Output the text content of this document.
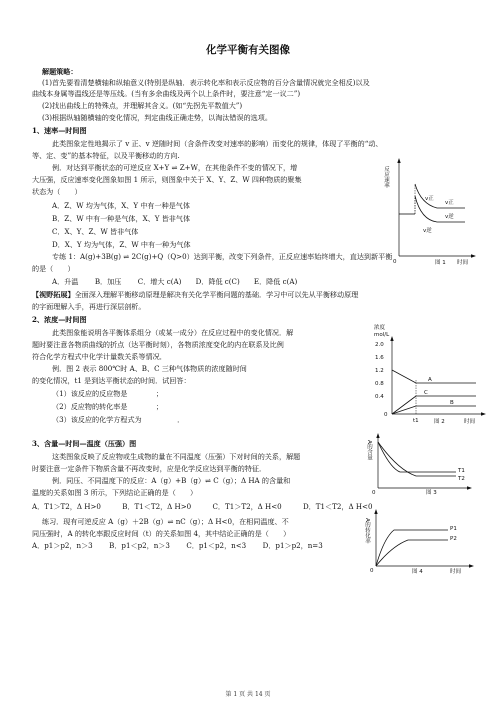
化学平衡有关图像
解题策略：
(1)首先要看清楚横轴和纵轴意义(特别是纵轴．表示转化率和表示反应物的百分含量情况就完全相反)以及
曲线本身属等温线还是等压线。(当有多余曲线及两个以上条件时，要注意“定一议二”)
(2)找出曲线上的特殊点，并理解其含义。(如“先拐先平数值大”)
(3)根据纵轴随横轴的变化情况，判定曲线正确走势，以淘汰错误的选项。
1、速率—时间图
此类图象定性地揭示了 v 正、v 逆随时间（含条件改变对速率的影响）而变化的规律，体现了平衡的“动、
等、定、变”的基本特征，以及平衡移动的方向.
例．对达到平衡状态的可逆反应 X+Y ⇌ Z+W，在其他条件不变的情况下，增
大压强，反应速率变化图象如图 1 所示，则图象中关于 X、Y、Z、W 四种物质的聚集
状态为（　　）
A．Z、W 均为气体，X、Y 中有一种是气体
B．Z、W 中有一种是气体，X、Y 皆非气体
C．X、Y、Z、W 皆非气体
D．X、Y 均为气体，Z、W 中有一种为气体
反应速率
v正
v逆
v正
v逆
0	图 1 时间
专练 1：A(g)+3B(g) ⇌ 2C(g)+Q（Q>0）达到平衡，改变下列条件，正反应速率始终增大，直达到新平衡
的是（　　）
A．升温　　 B．加压　　 C．增大 c(A)　　D．降低 c(C)　　E．降低 c(A)
【视野拓展】全面深入理解平衡移动原理是解决有关化学平衡问题的基础．学习中可以先从平衡移动原理
的字面理解入手，再进行深层剖析。
2、浓度—时间图
此类图象能说明各平衡体系组分（或某一成分）在反应过程中的变化情况．解
题时要注意各物质曲线的折点（达平衡时刻），各物质浓度变化的内在联系及比例
符合化学方程式中化学计量数关系等情况．
例．图 2 表示 800℃时 A、B、C 三种气体物质的浓度随时间
的变化情况，t1 是到达平衡状态的时间．试回答：
（1）该反应的反应物是　　　　；
（2）反应物的转化率是　　　　；
（3）该反应的化学方程式为　　　　　．
浓度
mol/L
2.0
1.6
1.2
0.8
0.4
0
A
C
B
t1	图 2	时间
3、含量—时间—温度（压强）图
这类图象反映了反应物或生成物的量在不同温度（压强）下对时间的关系，解题
时要注意一定条件下物质含量不再改变时，应是化学反应达到平衡的特征．
例．同压、不同温度下的反应：A（g）+B（g）⇌ C（g）；Δ HA 的含量和
温度的关系如图 3 所示，下列结论正确的是（　　）
A．T1＞T2，Δ H>0　　　B．T1＜T2，Δ H>0　　　C．T1＞T2，Δ H<0　　　D．T1＜T2，Δ H<0
A的含量
T1
T2
0	图 3
练习．现有可逆反应 A（g）＋2B（g）⇌ nC（g）；Δ H<0，在相同温度、不
同压强时，A 的转化率跟反应时间（t）的关系如图 4，其中结论正确的是（　　）
A．p1＞p2，n＞3　　 B．p1＜p2，n＞3　　 C．p1＜p2，n<3　　 D．p1＞p2，n=3
A的转化率	P1
P2
0	图 4	时间
第 1 页 共 14 页
